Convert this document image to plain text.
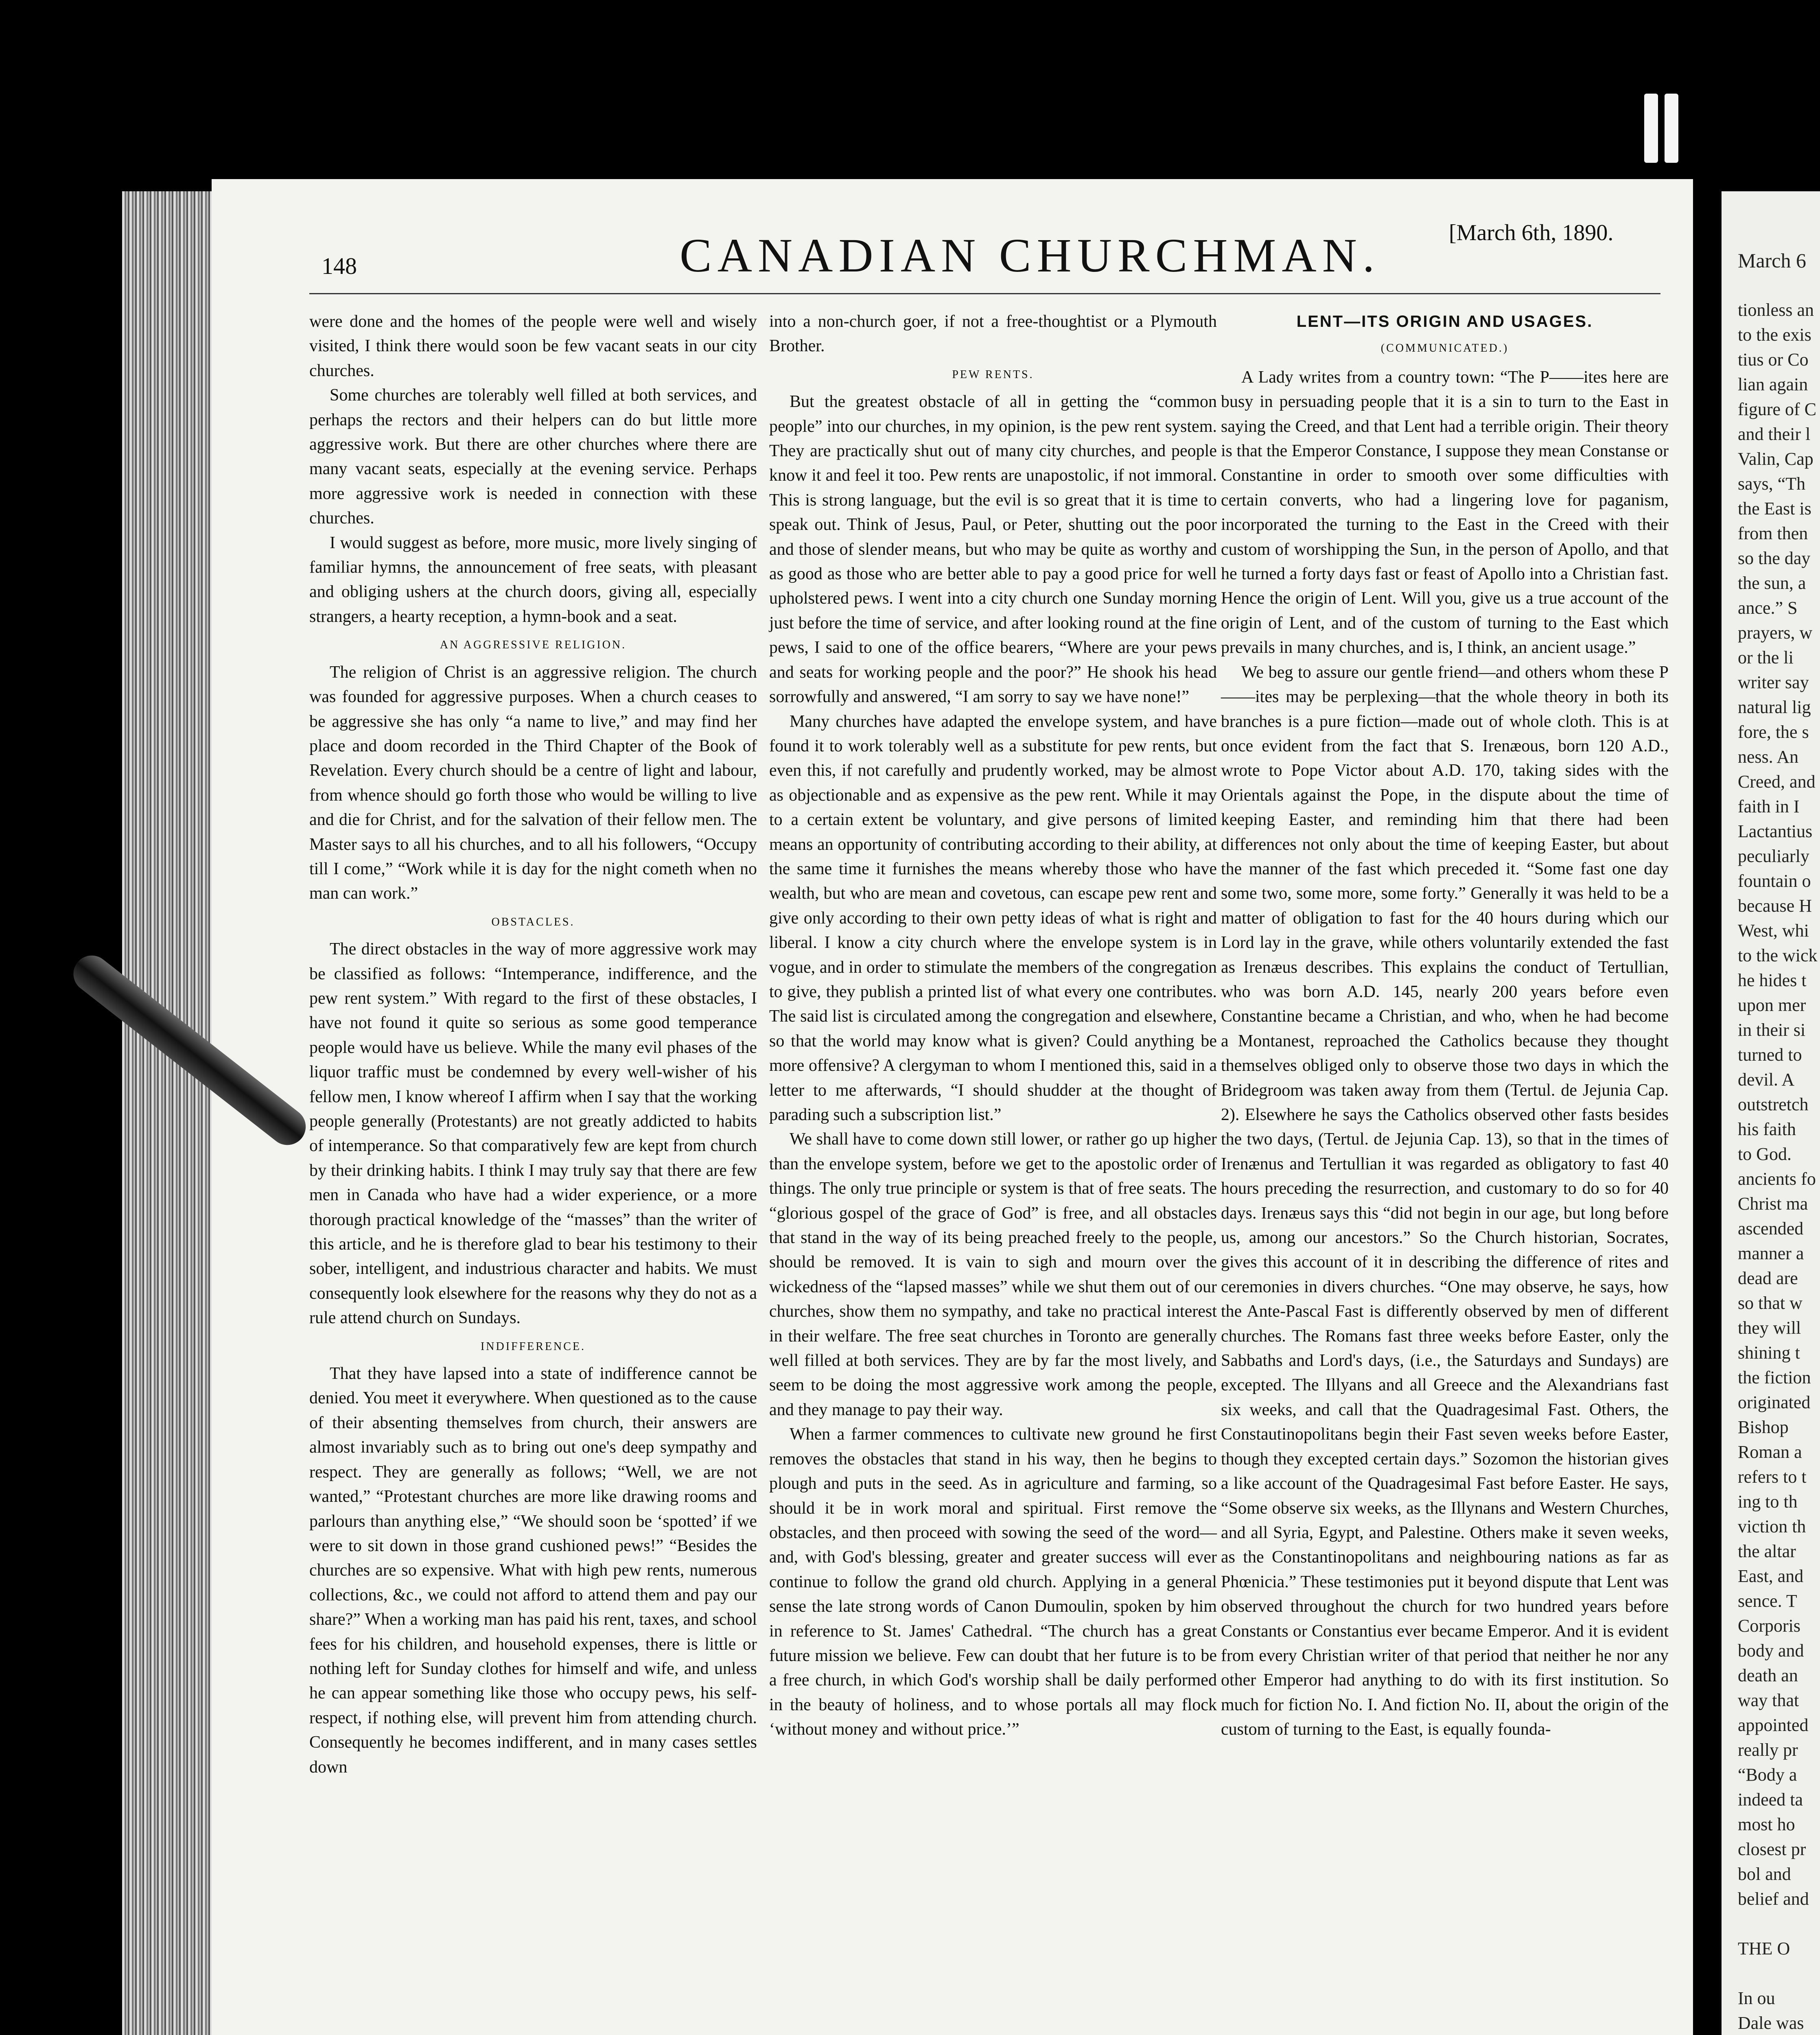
148	CANADIAN CHURCHMAN.	[March 6th, 1890.

were done and the homes of the people were well and wisely visited, I think there would soon be few vacant seats in our city churches.

Some churches are tolerably well filled at both services, and perhaps the rectors and their helpers can do but little more aggressive work. But there are other churches where there are many vacant seats, especially at the evening service. Perhaps more aggressive work is needed in connection with these churches.

I would suggest as before, more music, more lively singing of familiar hymns, the announcement of free seats, with pleasant and obliging ushers at the church doors, giving all, especially strangers, a hearty reception, a hymn-book and a seat.

AN AGGRESSIVE RELIGION.

The religion of Christ is an aggressive religion. The church was founded for aggressive purposes. When a church ceases to be aggressive she has only “a name to live,” and may find her place and doom recorded in the Third Chapter of the Book of Revelation. Every church should be a centre of light and labour, from whence should go forth those who would be willing to live and die for Christ, and for the salvation of their fellow men. The Master says to all his churches, and to all his followers, “Occupy till I come,” “Work while it is day for the night cometh when no man can work.”

OBSTACLES.

The direct obstacles in the way of more aggressive work may be classified as follows: “Intemperance, indifference, and the pew rent system.” With regard to the first of these obstacles, I have not found it quite so serious as some good temperance people would have us believe. While the many evil phases of the liquor traffic must be condemned by every well-wisher of his fellow men, I know whereof I affirm when I say that the working people generally (Protestants) are not greatly addicted to habits of intemperance. So that comparatively few are kept from church by their drinking habits. I think I may truly say that there are few men in Canada who have had a wider experience, or a more thorough practical knowledge of the “masses” than the writer of this article, and he is therefore glad to bear his testimony to their sober, intelligent, and industrious character and habits. We must consequently look elsewhere for the reasons why they do not as a rule attend church on Sundays.

INDIFFERENCE.

That they have lapsed into a state of indifference cannot be denied. You meet it everywhere. When questioned as to the cause of their absenting themselves from church, their answers are almost invariably such as to bring out one's deep sympathy and respect. They are generally as follows; “Well, we are not wanted,” “Protestant churches are more like drawing rooms and parlours than anything else,” “We should soon be ‘spotted’ if we were to sit down in those grand cushioned pews!” “Besides the churches are so expensive. What with high pew rents, numerous collections, &c., we could not afford to attend them and pay our share?” When a working man has paid his rent, taxes, and school fees for his children, and household expenses, there is little or nothing left for Sunday clothes for himself and wife, and unless he can appear something like those who occupy pews, his self-respect, if nothing else, will prevent him from attending church. Consequently he becomes indifferent, and in many cases settles down

into a non-church goer, if not a free-thoughtist or a Plymouth Brother.

PEW RENTS.

But the greatest obstacle of all in getting the “common people” into our churches, in my opinion, is the pew rent system. They are practically shut out of many city churches, and people know it and feel it too. Pew rents are unapostolic, if not immoral. This is strong language, but the evil is so great that it is time to speak out. Think of Jesus, Paul, or Peter, shutting out the poor and those of slender means, but who may be quite as worthy and as good as those who are better able to pay a good price for well upholstered pews. I went into a city church one Sunday morning just before the time of service, and after looking round at the fine pews, I said to one of the office bearers, “Where are your pews and seats for working people and the poor?” He shook his head sorrowfully and answered, “I am sorry to say we have none!”

Many churches have adapted the envelope system, and have found it to work tolerably well as a substitute for pew rents, but even this, if not carefully and prudently worked, may be almost as objectionable and as expensive as the pew rent. While it may to a certain extent be voluntary, and give persons of limited means an opportunity of contributing according to their ability, at the same time it furnishes the means whereby those who have wealth, but who are mean and covetous, can escape pew rent and give only according to their own petty ideas of what is right and liberal. I know a city church where the envelope system is in vogue, and in order to stimulate the members of the congregation to give, they publish a printed list of what every one contributes. The said list is circulated among the congregation and elsewhere, so that the world may know what is given? Could anything be more offensive? A clergyman to whom I mentioned this, said in a letter to me afterwards, “I should shudder at the thought of parading such a subscription list.”

We shall have to come down still lower, or rather go up higher than the envelope system, before we get to the apostolic order of things. The only true principle or system is that of free seats. The “glorious gospel of the grace of God” is free, and all obstacles that stand in the way of its being preached freely to the people, should be removed. It is vain to sigh and mourn over the wickedness of the “lapsed masses” while we shut them out of our churches, show them no sympathy, and take no practical interest in their welfare. The free seat churches in Toronto are generally well filled at both services. They are by far the most lively, and seem to be doing the most aggressive work among the people, and they manage to pay their way.

When a farmer commences to cultivate new ground he first removes the obstacles that stand in his way, then he begins to plough and puts in the seed. As in agriculture and farming, so should it be in work moral and spiritual. First remove the obstacles, and then proceed with sowing the seed of the word—and, with God's blessing, greater and greater success will ever continue to follow the grand old church. Applying in a general sense the late strong words of Canon Dumoulin, spoken by him in reference to St. James' Cathedral. “The church has a great future mission we believe. Few can doubt that her future is to be a free church, in which God's worship shall be daily performed in the beauty of holiness, and to whose portals all may flock ‘without money and without price.’”

LENT—ITS ORIGIN AND USAGES.
(COMMUNICATED.)

A Lady writes from a country town: “The P——ites here are busy in persuading people that it is a sin to turn to the East in saying the Creed, and that Lent had a terrible origin. Their theory is that the Emperor Constance, I suppose they mean Constanse or Constantine in order to smooth over some difficulties with certain converts, who had a lingering love for paganism, incorporated the turning to the East in the Creed with their custom of worshipping the Sun, in the person of Apollo, and that he turned a forty days fast or feast of Apollo into a Christian fast. Hence the origin of Lent. Will you, give us a true account of the origin of Lent, and of the custom of turning to the East which prevails in many churches, and is, I think, an ancient usage.”

We beg to assure our gentle friend—and others whom these P——ites may be perplexing—that the whole theory in both its branches is a pure fiction—made out of whole cloth. This is at once evident from the fact that S. Irenæous, born 120 A.D., wrote to Pope Victor about A.D. 170, taking sides with the Orientals against the Pope, in the dispute about the time of keeping Easter, and reminding him that there had been differences not only about the time of keeping Easter, but about the manner of the fast which preceded it. “Some fast one day some two, some more, some forty.” Generally it was held to be a matter of obligation to fast for the 40 hours during which our Lord lay in the grave, while others voluntarily extended the fast as Irenæus describes. This explains the conduct of Tertullian, who was born A.D. 145, nearly 200 years before even Constantine became a Christian, and who, when he had become a Montanest, reproached the Catholics because they thought themselves obliged only to observe those two days in which the Bridegroom was taken away from them (Tertul. de Jejunia Cap. 2). Elsewhere he says the Catholics observed other fasts besides the two days, (Tertul. de Jejunia Cap. 13), so that in the times of Irenænus and Tertullian it was regarded as obligatory to fast 40 hours preceding the resurrection, and customary to do so for 40 days. Irenæus says this “did not begin in our age, but long before us, among our ancestors.” So the Church historian, Socrates, gives this account of it in describing the difference of rites and ceremonies in divers churches. “One may observe, he says, how the Ante-Pascal Fast is differently observed by men of different churches. The Romans fast three weeks before Easter, only the Sabbaths and Lord's days, (i.e., the Saturdays and Sundays) are excepted. The Illyans and all Greece and the Alexandrians fast six weeks, and call that the Quadragesimal Fast. Others, the Constautinopolitans begin their Fast seven weeks before Easter, though they excepted certain days.” Sozomon the historian gives a like account of the Quadragesimal Fast before Easter. He says, “Some observe six weeks, as the Illynans and Western Churches, and all Syria, Egypt, and Palestine. Others make it seven weeks, as the Constantinopolitans and neighbouring nations as far as Phœnicia.” These testimonies put it beyond dispute that Lent was observed throughout the church for two hundred years before Constants or Constantius ever became Emperor. And it is evident from every Christian writer of that period that neither he nor any other Emperor had anything to do with its first institution. So much for fiction No. I. And fiction No. II, about the origin of the custom of turning to the East, is equally founda-

March 6
tionless an
to the exis
tius or Co
lian again
figure of C
and their l
Valin, Cap
says, “Th
the East is
from then
so the day
the sun, a
ance.” S
prayers, w
or the li
writer say
natural lig
fore, the s
ness. An
Creed, and
faith in I
Lactantius
peculiarly
fountain o
because H
West, whi
to the wick
he hides t
upon mer
in their si
turned to
devil. A
outstretch
his faith
to God.
ancients fo
Christ ma
ascended
manner a
dead are
so that w
they will
shining t
the fiction
originated
Bishop
Roman a
refers to t
ing to th
viction th
the altar
East, and
sence. T
Corporis
body and
death an
way that
appointed
really pr
“Body a
indeed ta
most ho
closest pr
bol and
belief and

THE O

In ou
Dale was
